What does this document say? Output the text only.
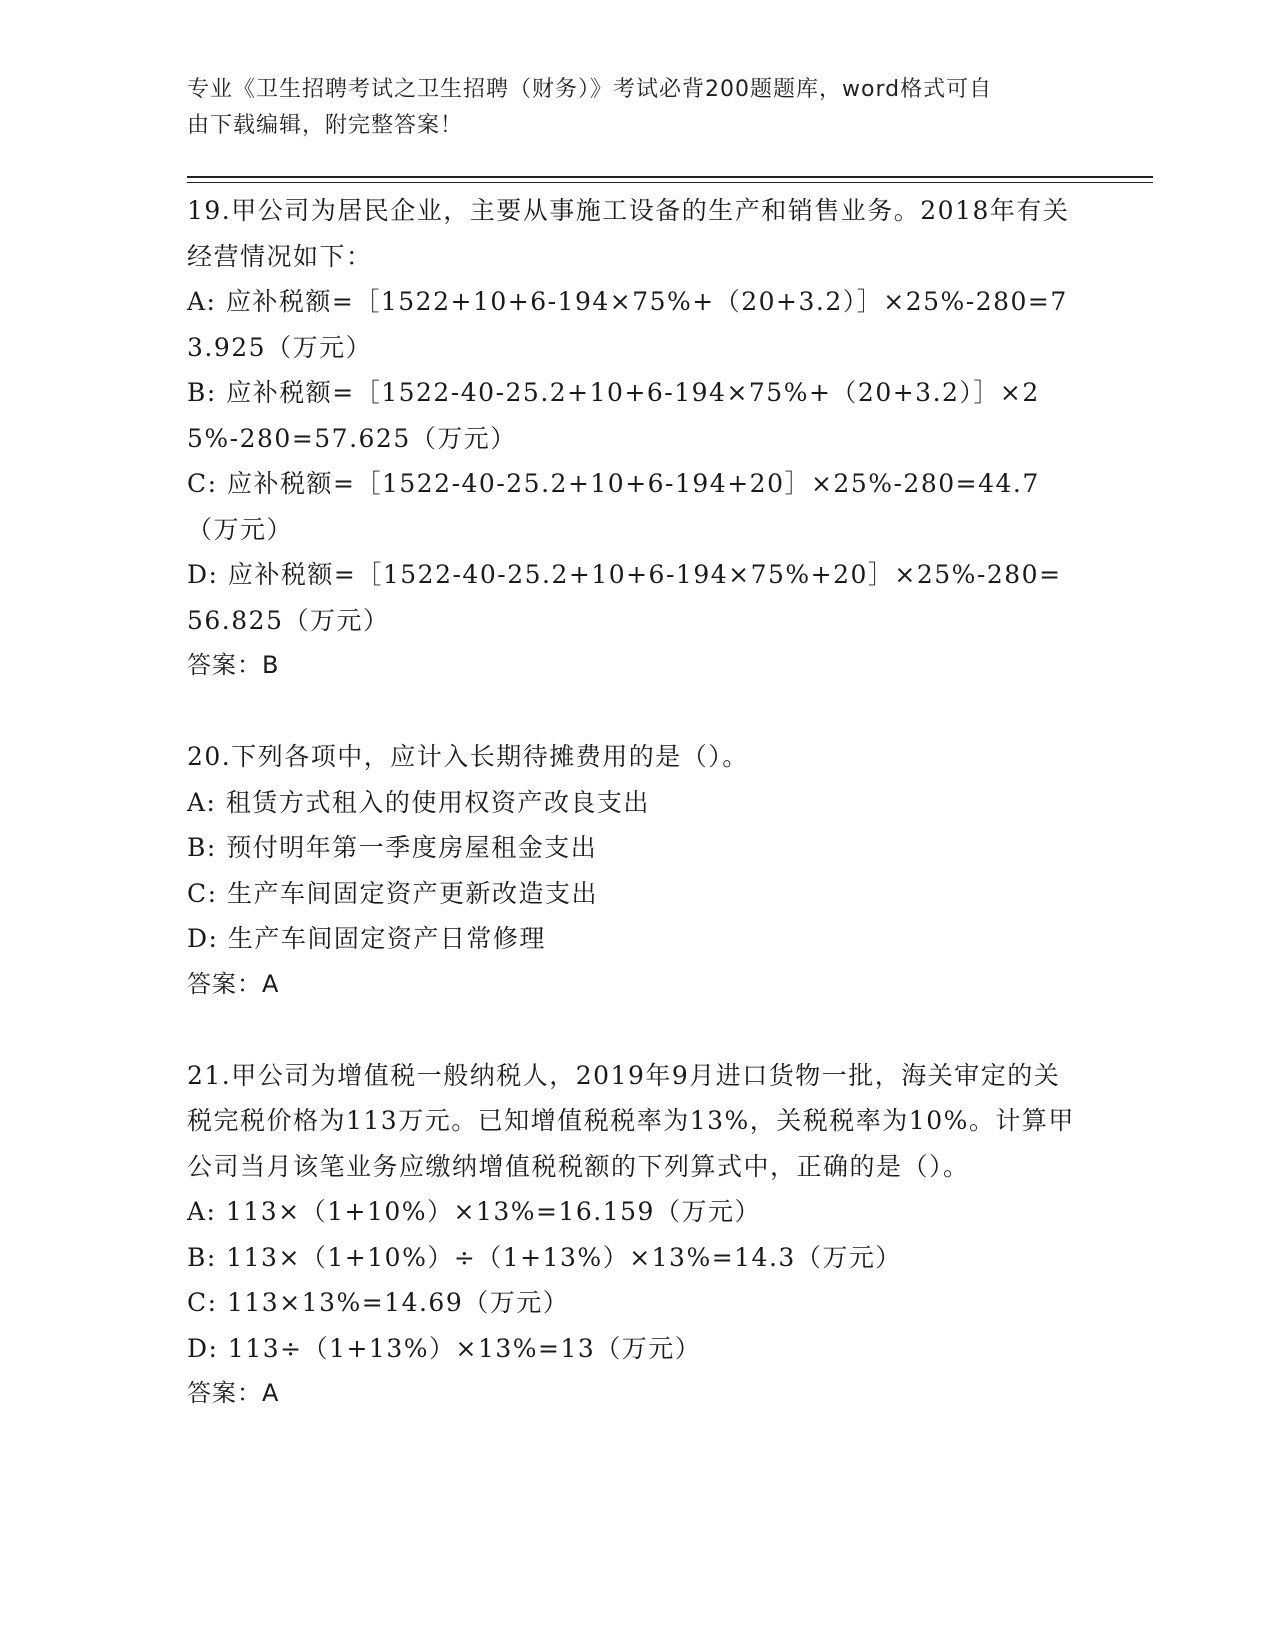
专业《卫生招聘考试之卫生招聘（财务）》考试必背200题题库，word格式可自
由下载编辑，附完整答案！

19.甲公司为居民企业，主要从事施工设备的生产和销售业务。2018年有关经营情况如下：

A: 应补税额=［1522+10+6-194×75%+（20+3.2）］×25%-280=73.925（万元）

B: 应补税额=［1522-40-25.2+10+6-194×75%+（20+3.2）］×25%-280=57.625（万元）

C: 应补税额=［1522-40-25.2+10+6-194+20］×25%-280=44.7（万元）

D: 应补税额=［1522-40-25.2+10+6-194×75%+20］×25%-280=56.825（万元）

答案：B

20.下列各项中，应计入长期待摊费用的是（）。

A: 租赁方式租入的使用权资产改良支出

B: 预付明年第一季度房屋租金支出

C: 生产车间固定资产更新改造支出

D: 生产车间固定资产日常修理

答案：A

21.甲公司为增值税一般纳税人，2019年9月进口货物一批，海关审定的关税完税价格为113万元。已知增值税税率为13%，关税税率为10%。计算甲公司当月该笔业务应缴纳增值税税额的下列算式中，正确的是（）。

A: 113×（1+10%）×13%=16.159（万元）

B: 113×（1+10%）÷（1+13%）×13%=14.3（万元）

C: 113×13%=14.69（万元）

D: 113÷（1+13%）×13%=13（万元）

答案：A
